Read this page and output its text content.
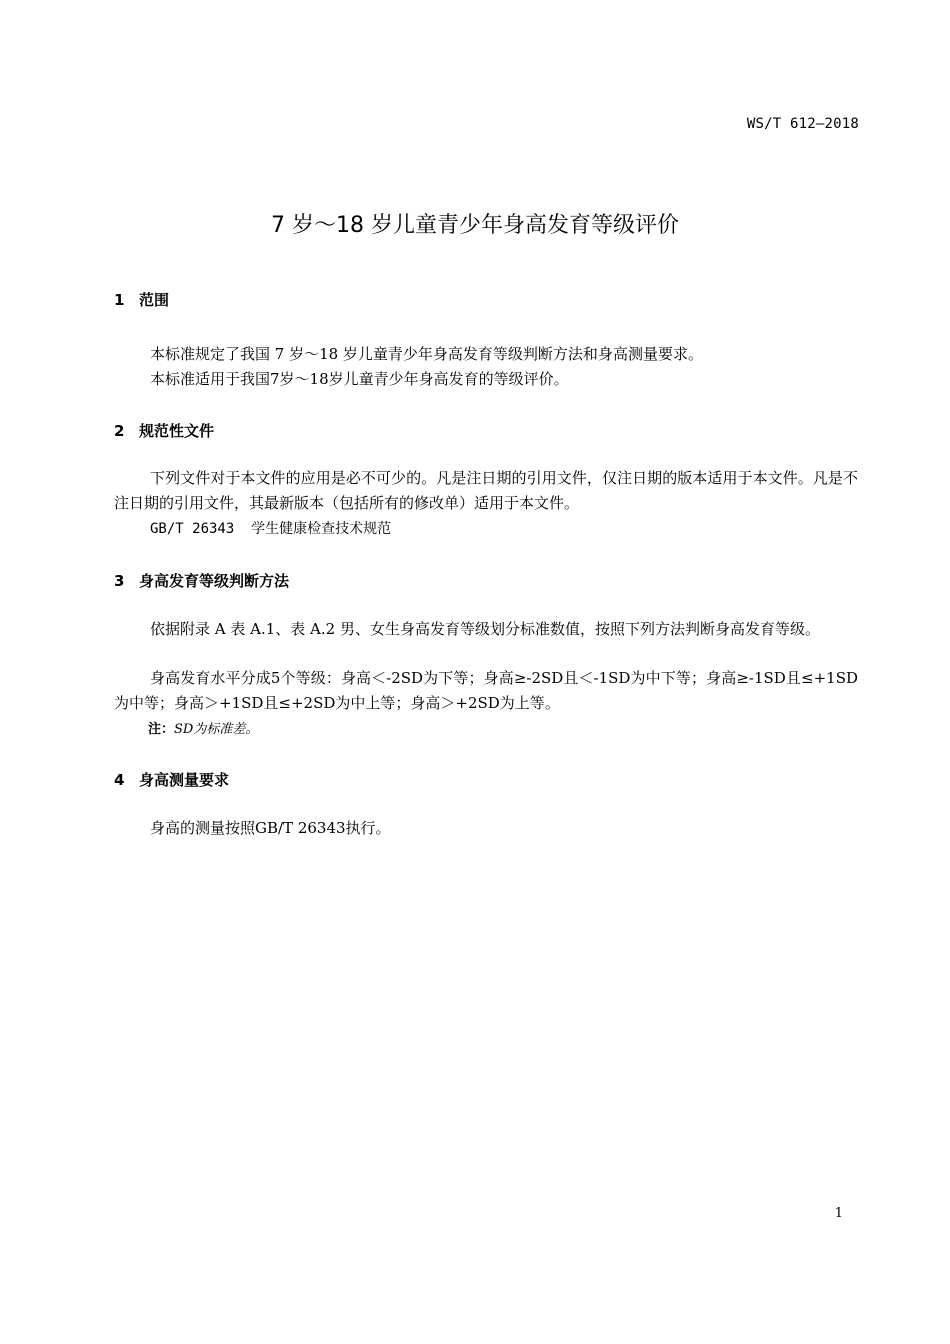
WS/T 612—2018
7 岁～18 岁儿童青少年身高发育等级评价
1 范围
本标准规定了我国 7 岁～18 岁儿童青少年身高发育等级判断方法和身高测量要求。
本标准适用于我国7岁～18岁儿童青少年身高发育的等级评价。
2 规范性文件
下列文件对于本文件的应用是必不可少的。凡是注日期的引用文件，仅注日期的版本适用于本文件。凡是不注日期的引用文件，其最新版本（包括所有的修改单）适用于本文件。
GB/T 26343  学生健康检查技术规范
3 身高发育等级判断方法
依据附录 A 表 A.1、表 A.2 男、女生身高发育等级划分标准数值，按照下列方法判断身高发育等级。
身高发育水平分成5个等级：身高＜-2SD为下等；身高≥-2SD且＜-1SD为中下等；身高≥-1SD且≤+1SD为中等；身高＞+1SD且≤+2SD为中上等；身高＞+2SD为上等。
注：SD为标准差。
4 身高测量要求
身高的测量按照GB/T 26343执行。
1
